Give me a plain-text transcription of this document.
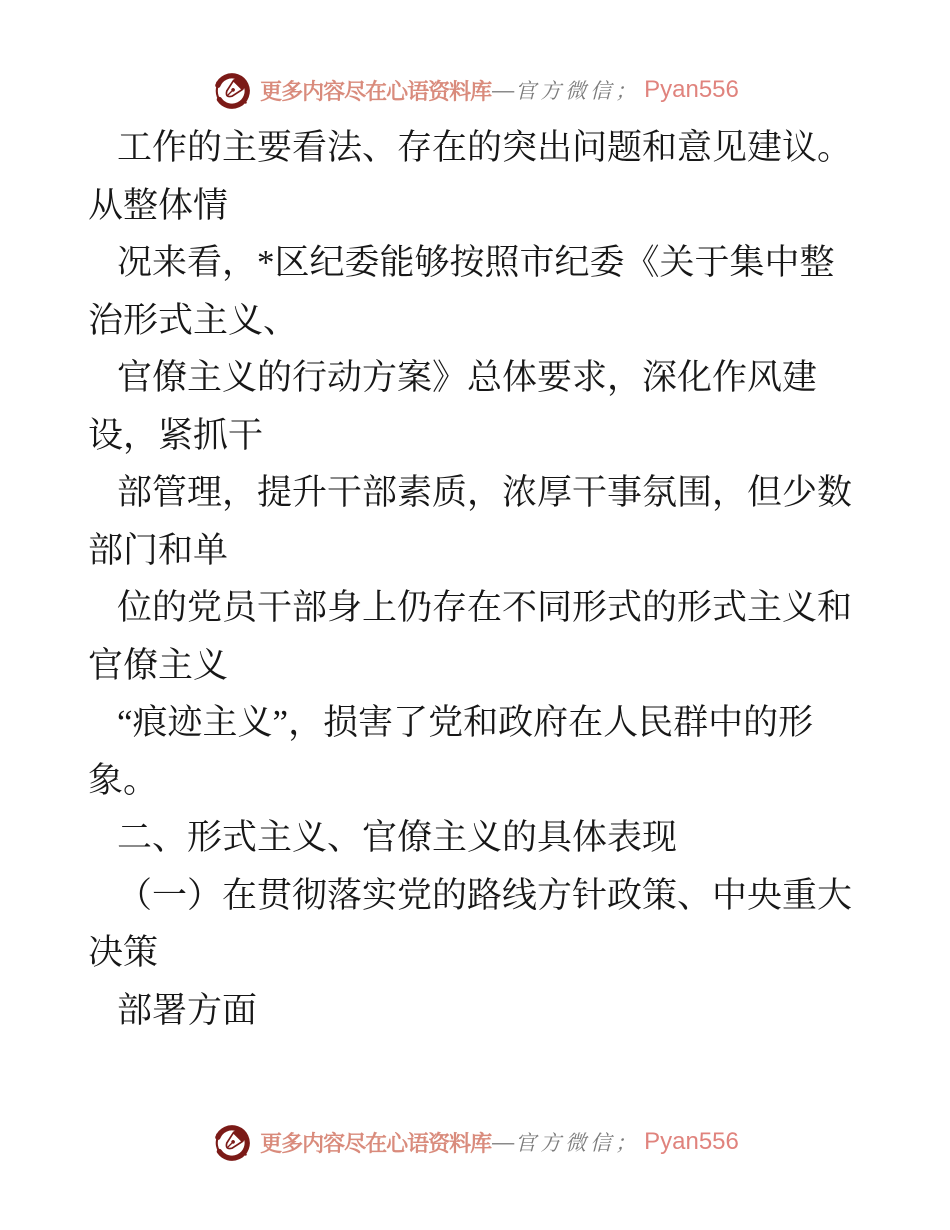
更多内容尽在心语资料库 — 官方微信； Pyan556
工作的主要看法、存在的突出问题和意见建议。
从整体情
况来看，*区纪委能够按照市纪委《关于集中整
治形式主义、
官僚主义的行动方案》总体要求，深化作风建
设，紧抓干
部管理，提升干部素质，浓厚干事氛围，但少数
部门和单
位的党员干部身上仍存在不同形式的形式主义和
官僚主义
“痕迹主义”，损害了党和政府在人民群中的形
象。
二、形式主义、官僚主义的具体表现
（一）在贯彻落实党的路线方针政策、中央重大
决策
部署方面
更多内容尽在心语资料库 — 官方微信； Pyan556
